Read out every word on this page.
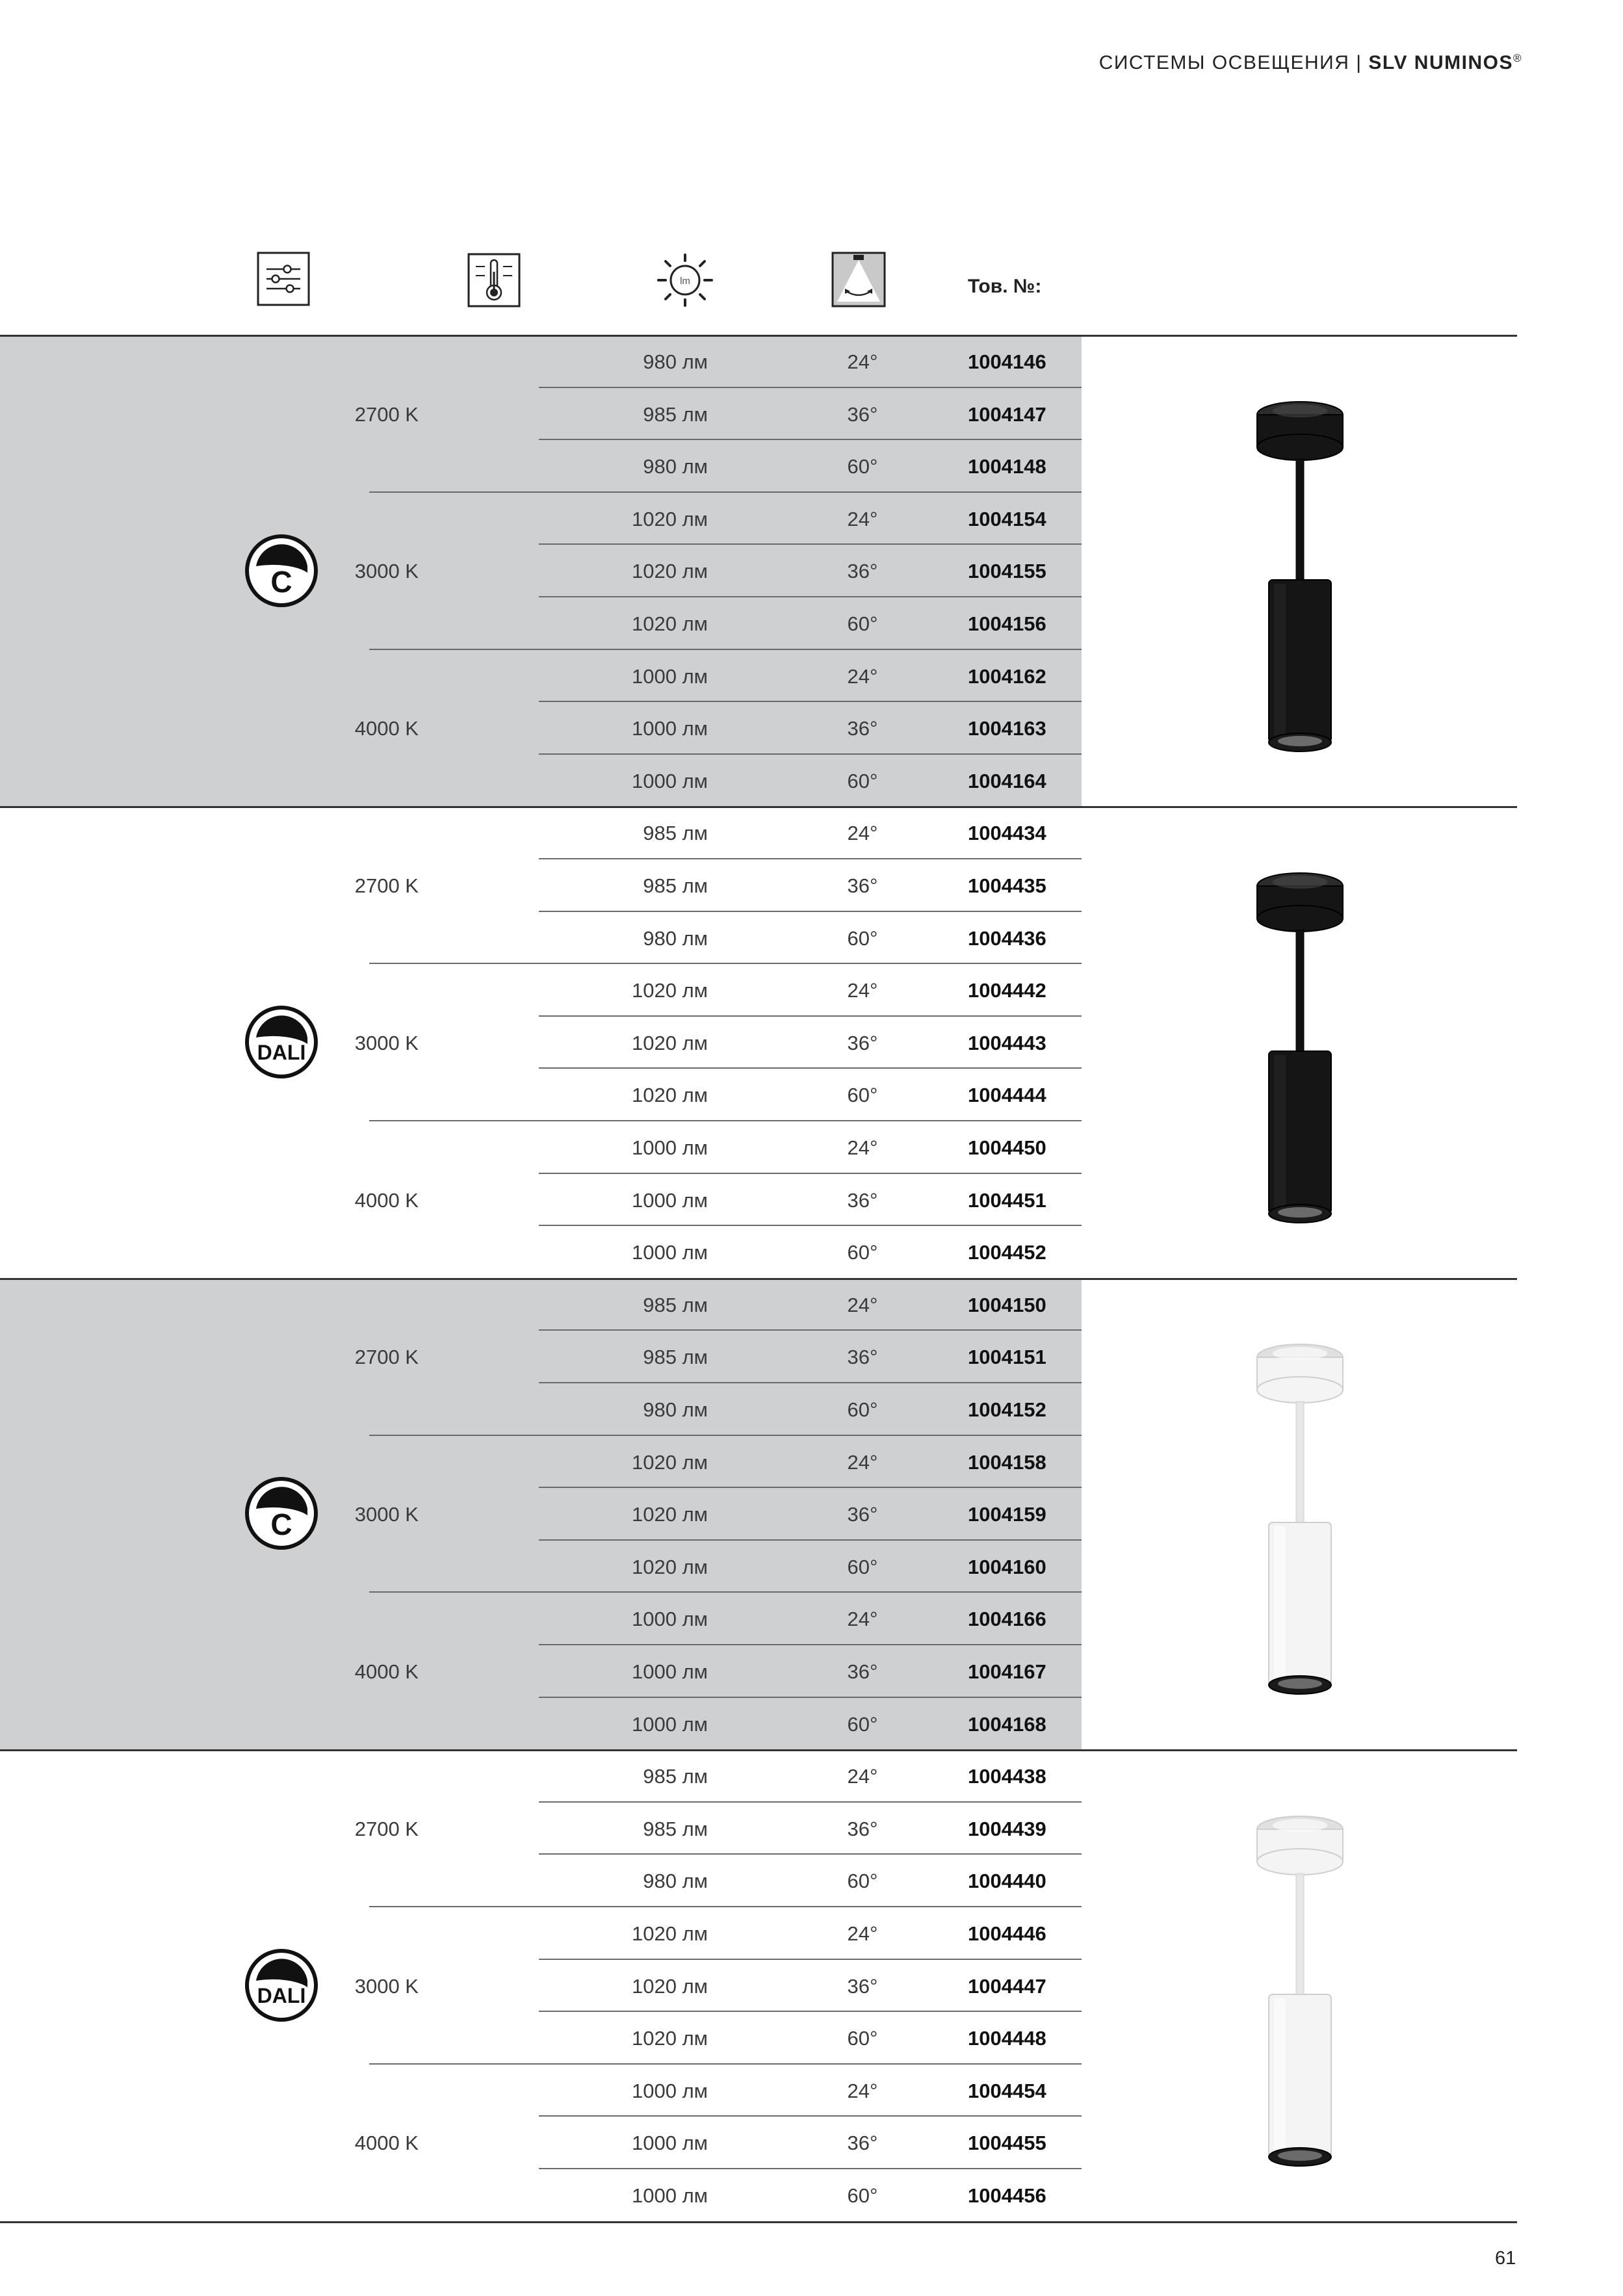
СИСТЕМЫ ОСВЕЩЕНИЯ | SLV NUMINOS®
lm	Тов. №:
2700 K
980 лм	24°	1004146
985 лм	36°	1004147
980 лм	60°	1004148
3000 K
1020 лм	24°	1004154
1020 лм	36°	1004155
1020 лм	60°	1004156
4000 K
1000 лм	24°	1004162
1000 лм	36°	1004163
1000 лм	60°	1004164
C
2700 K
985 лм	24°	1004434
985 лм	36°	1004435
980 лм	60°	1004436
3000 K
1020 лм	24°	1004442
1020 лм	36°	1004443
1020 лм	60°	1004444
4000 K
1000 лм	24°	1004450
1000 лм	36°	1004451
1000 лм	60°	1004452
DALI
2700 K
985 лм	24°	1004150
985 лм	36°	1004151
980 лм	60°	1004152
3000 K
1020 лм	24°	1004158
1020 лм	36°	1004159
1020 лм	60°	1004160
4000 K
1000 лм	24°	1004166
1000 лм	36°	1004167
1000 лм	60°	1004168
C
2700 K
985 лм	24°	1004438
985 лм	36°	1004439
980 лм	60°	1004440
3000 K
1020 лм	24°	1004446
1020 лм	36°	1004447
1020 лм	60°	1004448
4000 K
1000 лм	24°	1004454
1000 лм	36°	1004455
1000 лм	60°	1004456
DALI
61
